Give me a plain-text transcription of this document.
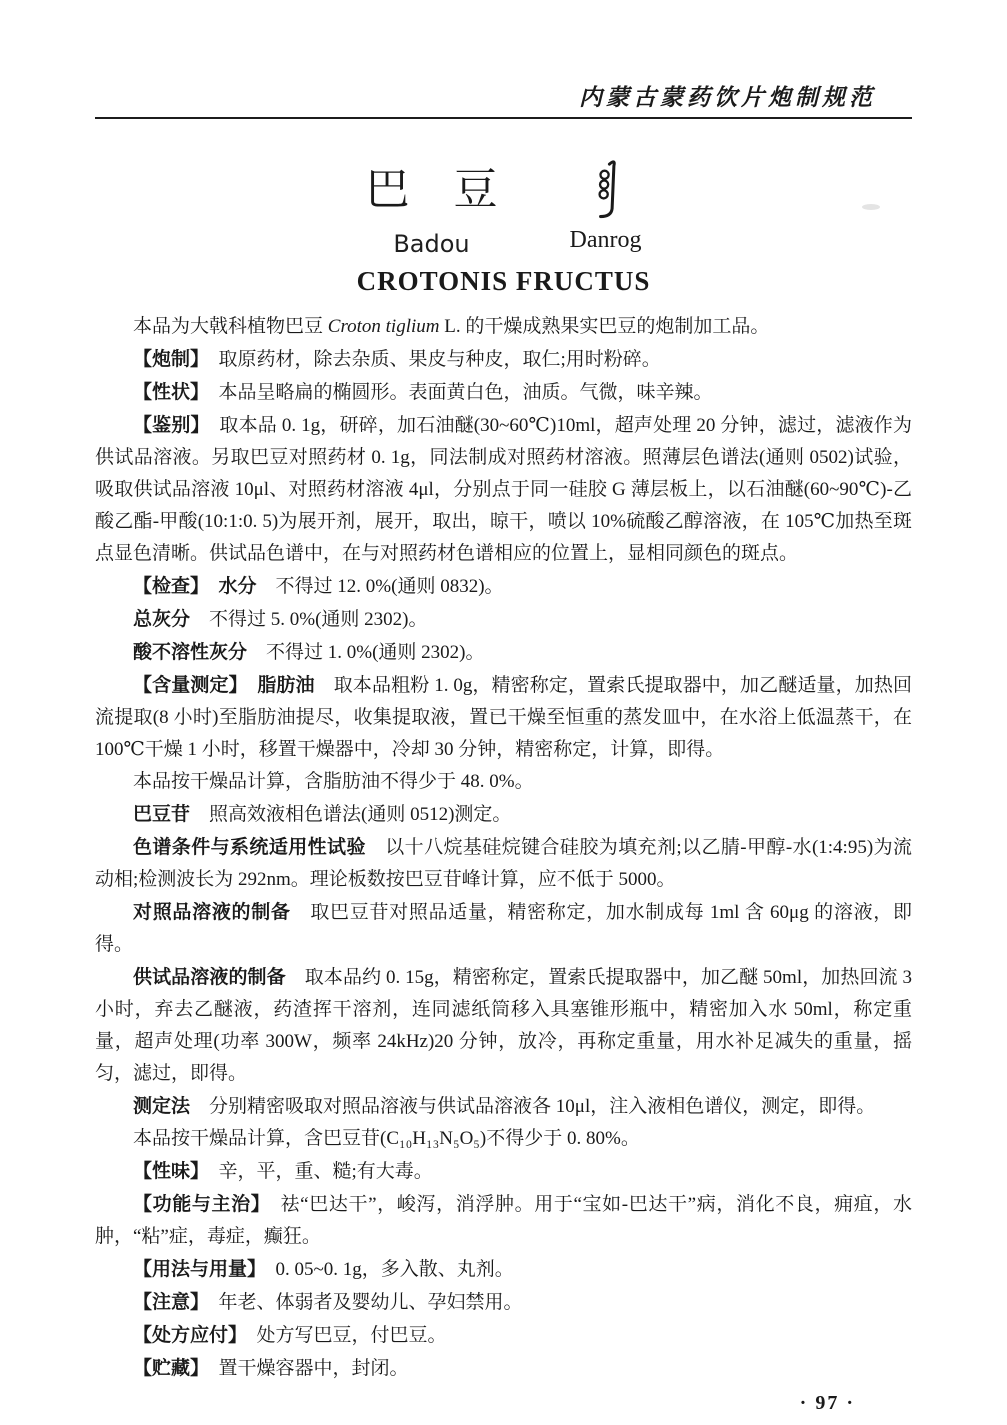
内蒙古蒙药饮片炮制规范
巴　豆
Badou	Danrog
CROTONIS FRUCTUS
本品为大戟科植物巴豆 Croton tiglium L. 的干燥成熟果实巴豆的炮制加工品。
【炮制】　取原药材，除去杂质、果皮与种皮，取仁;用时粉碎。
【性状】　本品呈略扁的椭圆形。表面黄白色，油质。气微，味辛辣。
【鉴别】　取本品 0. 1g，研碎，加石油醚(30~60℃)10ml，超声处理 20 分钟，滤过，滤液作为供试品溶液。另取巴豆对照药材 0. 1g，同法制成对照药材溶液。照薄层色谱法(通则 0502)试验，吸取供试品溶液 10μl、对照药材溶液 4μl，分别点于同一硅胶 G 薄层板上，以石油醚(60~90℃)-乙酸乙酯-甲酸(10:1:0. 5)为展开剂，展开，取出，晾干，喷以 10%硫酸乙醇溶液，在 105℃加热至斑点显色清晰。供试品色谱中，在与对照药材色谱相应的位置上，显相同颜色的斑点。
【检查】　 水分　不得过 12. 0%(通则 0832)。
总灰分　不得过 5. 0%(通则 2302)。
酸不溶性灰分　不得过 1. 0%(通则 2302)。
【含量测定】　 脂肪油　取本品粗粉 1. 0g，精密称定，置索氏提取器中，加乙醚适量，加热回流提取(8 小时)至脂肪油提尽，收集提取液，置已干燥至恒重的蒸发皿中，在水浴上低温蒸干，在 100℃干燥 1 小时，移置干燥器中，冷却 30 分钟，精密称定，计算，即得。
本品按干燥品计算，含脂肪油不得少于 48. 0%。
巴豆苷　照高效液相色谱法(通则 0512)测定。
色谱条件与系统适用性试验　以十八烷基硅烷键合硅胶为填充剂;以乙腈-甲醇-水(1:4:95)为流动相;检测波长为 292nm。理论板数按巴豆苷峰计算，应不低于 5000。
对照品溶液的制备　取巴豆苷对照品适量，精密称定，加水制成每 1ml 含 60μg 的溶液，即得。
供试品溶液的制备　取本品约 0. 15g，精密称定，置索氏提取器中，加乙醚 50ml，加热回流 3 小时，弃去乙醚液，药渣挥干溶剂，连同滤纸筒移入具塞锥形瓶中，精密加入水 50ml，称定重量，超声处理(功率 300W，频率 24kHz)20 分钟，放冷，再称定重量，用水补足减失的重量，摇匀，滤过，即得。
测定法　分别精密吸取对照品溶液与供试品溶液各 10μl，注入液相色谱仪，测定，即得。
本品按干燥品计算，含巴豆苷(C₁₀H₁₃N₅O₅)不得少于 0. 80%。
【性味】　辛，平，重、糙;有大毒。
【功能与主治】　祛“巴达干”，峻泻，消浮肿。用于“宝如-巴达干”病，消化不良，痈疽，水肿，“粘”症，毒症，癫狂。
【用法与用量】　0. 05~0. 1g，多入散、丸剂。
【注意】　年老、体弱者及婴幼儿、孕妇禁用。
【处方应付】　处方写巴豆，付巴豆。
【贮藏】　置干燥容器中，封闭。
· 97 ·
